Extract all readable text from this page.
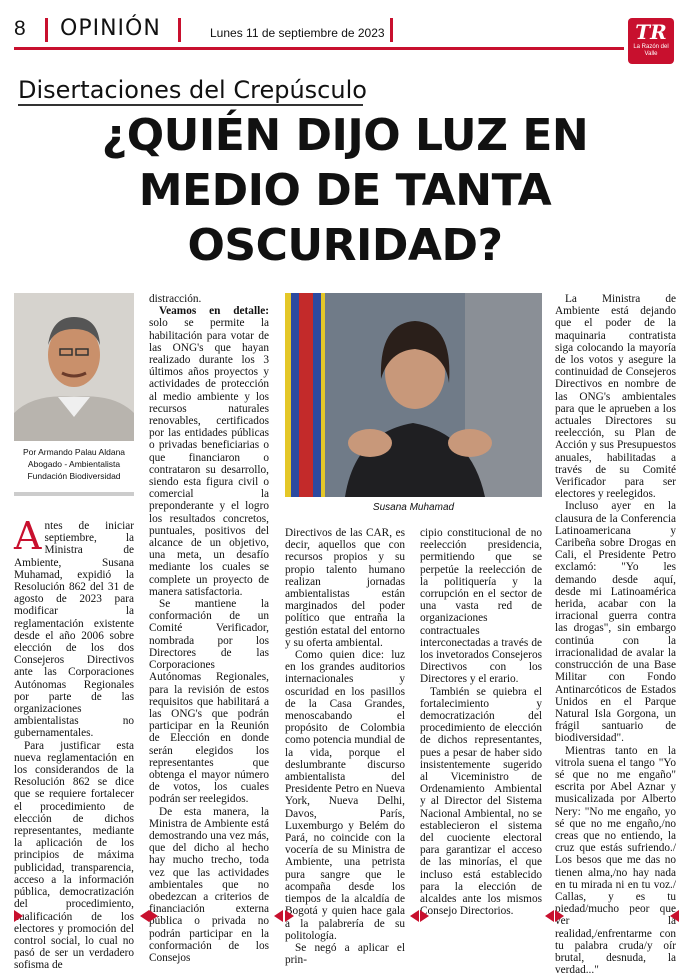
8 OPINIÓN	Lunes 11 de septiembre de 2023	TR
La Razón del Valle
Disertaciones del Crepúsculo
¿QUIÉN DIJO LUZ EN MEDIO DE TANTA OSCURIDAD?
Por Armando Palau Aldana
Abogado - Ambientalista
Fundación Biodiversidad

Antes de iniciar septiembre, la Ministra de Ambiente, Susana Muhamad, expidió la Resolución 862 del 31 de agosto de 2023 para modificar la reglamentación existente desde el año 2006 sobre elección de los dos Consejeros Directivos ante las Corporaciones Autónomas Regionales por parte de las organizaciones ambientalistas no gubernamentales.

Para justificar esta nueva reglamentación en los considerandos de la Resolución 862 se dice que se requiere fortalecer el procedimiento de elección de dichos representantes, mediante la aplicación de los principios de máxima publicidad, transparencia, acceso a la información pública, democratización del procedimiento, cualificación de los electores y promoción del control social, lo cual no pasó de ser un verdadero sofisma de

distracción.

Veamos en detalle: solo se permite la habilitación para votar de las ONG's que hayan realizado durante los 3 últimos años proyectos y actividades de protección al medio ambiente y los recursos naturales renovables, certificados por las entidades públicas o privadas beneficiarias o que financiaron o contrataron su desarrollo, siendo esta figura civil o comercial la preponderante y el logro los resultados concretos, puntuales, positivos del alcance de un objetivo, una meta, un desafío mediante los cuales se complete un proyecto de manera satisfactoria.

Se mantiene la conformación de un Comité Verificador, nombrada por los Directores de las Corporaciones Autónomas Regionales, para la revisión de estos requisitos que habilitará a las ONG's que podrán participar en la Reunión de Elección en donde serán elegidos los representantes que obtenga el mayor número de votos, los cuales podrán ser reelegidos.

De esta manera, la Ministra de Ambiente está demostrando una vez más, que del dicho al hecho hay mucho trecho, toda vez que las actividades ambientales que no obedezcan a criterios de financiación externa pública o privada no podrán participar en la conformación de los Consejos

Susana Muhamad

Directivos de las CAR, es decir, aquellos que con recursos propios y su propio talento humano realizan jornadas ambientalistas están marginados del poder político que entraña la gestión estatal del entorno y su oferta ambiental.

Como quien dice: luz en los grandes auditorios internacionales y oscuridad en los pasillos de la Casa Grandes, menoscabando el propósito de Colombia como potencia mundial de la vida, porque el deslumbrante discurso ambientalista del Presidente Petro en Nueva York, Nueva Delhi, Davos, París, Luxemburgo y Belém do Pará, no coincide con la vocería de su Ministra de Ambiente, una petrista pura sangre que le acompaña desde los tiempos de la alcaldía de Bogotá y quien hace gala a la palabrería de su politología.

Se negó a aplicar el prin-

cipio constitucional de no reelección presidencia, permitiendo que se perpetúe la reelección de la politiquería y la corrupción en el sector de una vasta red de organizaciones contractuales interconectadas a través de los invetorados Consejeros Directivos con los Directores y el erario.

También se quiebra el fortalecimiento y democratización del procedimiento de elección de dichos representantes, pues a pesar de haber sido insistentemente sugerido al Viceministro de Ordenamiento Ambiental y al Director del Sistema Nacional Ambiental, no se establecieron el sistema del cuociente electoral para garantizar el acceso de las minorías, el que incluso está establecido para la elección de alcaldes ante los mismos Consejo Directorios.

La Ministra de Ambiente está dejando que el poder de la maquinaria contratista siga colocando la mayoría de los votos y asegure la continuidad de Consejeros Directivos en nombre de las ONG's ambientales para que le aprueben a los actuales Directores su reelección, su Plan de Acción y sus Presupuestos anuales, habilitadas a través de su Comité Verificador para ser electores y reelegidos.

Incluso ayer en la clausura de la Conferencia Latinoamericana y Caribeña sobre Drogas en Cali, el Presidente Petro exclamó: "Yo les demando desde aquí, desde mi Latinoamérica herida, acabar con la irracional guerra contra las drogas", sin embargo continúa con la irracionalidad de avalar la construcción de una Base Militar con Fondo Antinarcóticos de Estados Unidos en el Parque Natural Isla Gorgona, un frágil santuario de biodiversidad".

Mientras tanto en la vitrola suena el tango "Yo sé que no me engaño" escrita por Abel Aznar y musicalizada por Alberto Nery: "No me engaño, yo sé que no me engaño,/no creas que no entiendo, la cruz que estás sufriendo./ Los besos que me das no tienen alma,/no hay nada en tu mirada ni en tu voz./ Callas, y es tu piedad/mucho peor que ver la realidad,/enfrentarme con tu palabra cruda/y oír brutal, desnuda, la verdad..."
